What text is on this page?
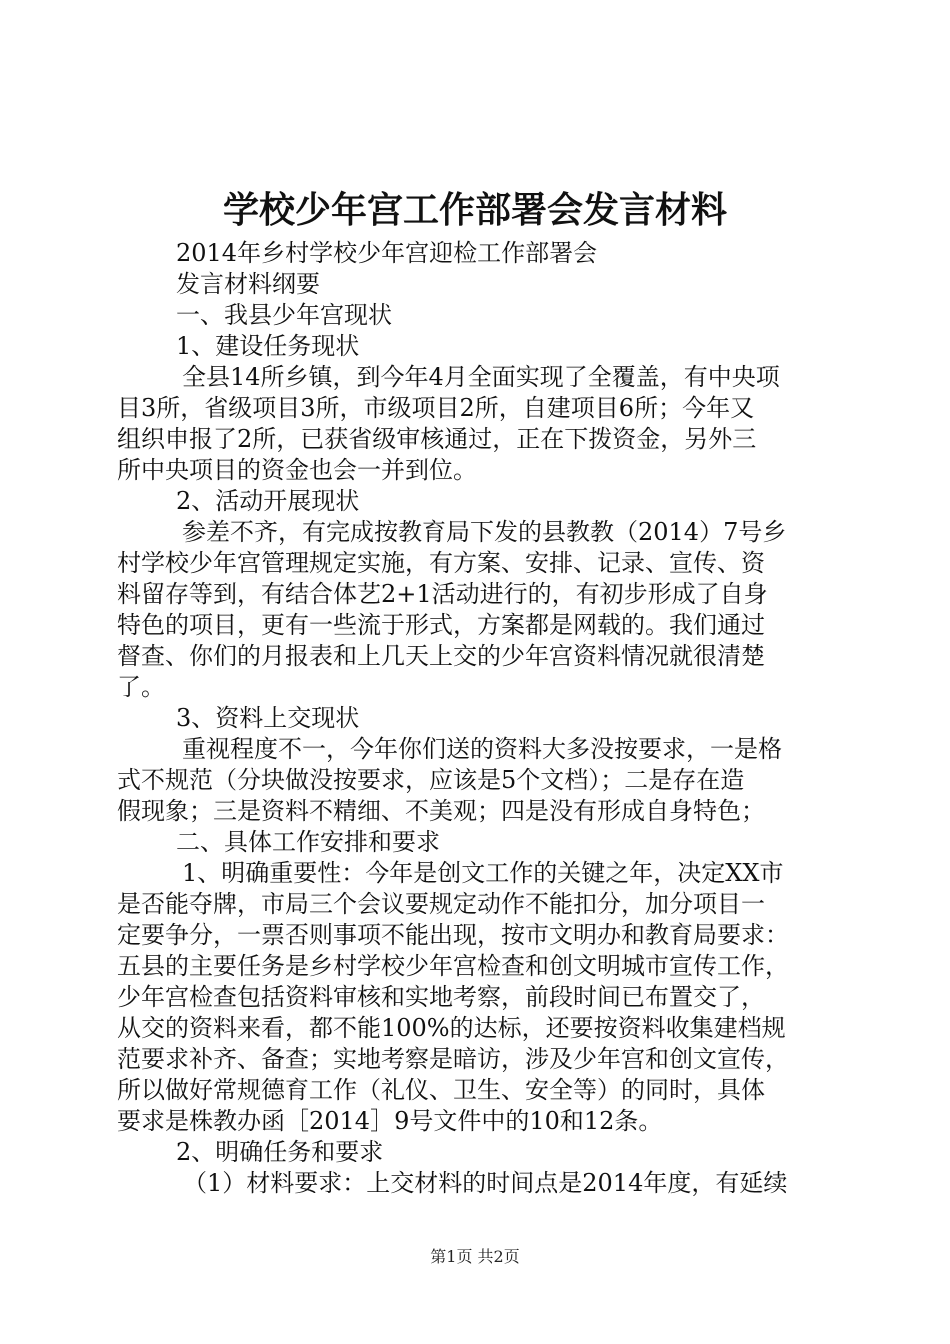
学校少年宫工作部署会发言材料

2014年乡村学校少年宫迎检工作部署会

发言材料纲要

一、我县少年宫现状

1、建设任务现状

全县14所乡镇，到今年4月全面实现了全覆盖，有中央项

目3所，省级项目3所，市级项目2所，自建项目6所；今年又

组织申报了2所，已获省级审核通过，正在下拨资金，另外三

所中央项目的资金也会一并到位。

2、活动开展现状

参差不齐，有完成按教育局下发的县教教（2014）7号乡

村学校少年宫管理规定实施，有方案、安排、记录、宣传、资

料留存等到，有结合体艺2+1活动进行的，有初步形成了自身

特色的项目，更有一些流于形式，方案都是网载的。我们通过

督查、你们的月报表和上几天上交的少年宫资料情况就很清楚

了。

3、资料上交现状

重视程度不一，今年你们送的资料大多没按要求，一是格

式不规范（分块做没按要求，应该是5个文档）；二是存在造

假现象；三是资料不精细、不美观；四是没有形成自身特色；

二、具体工作安排和要求

1、明确重要性：今年是创文工作的关键之年，决定XX市

是否能夺牌，市局三个会议要规定动作不能扣分，加分项目一

定要争分，一票否则事项不能出现，按市文明办和教育局要求：

五县的主要任务是乡村学校少年宫检查和创文明城市宣传工作，

少年宫检查包括资料审核和实地考察，前段时间已布置交了，

从交的资料来看，都不能100%的达标，还要按资料收集建档规

范要求补齐、备查；实地考察是暗访，涉及少年宫和创文宣传，

所以做好常规德育工作（礼仪、卫生、安全等）的同时，具体

要求是株教办函［2014］9号文件中的10和12条。

2、明确任务和要求

（1）材料要求：上交材料的时间点是2014年度，有延续

第1页 共2页
